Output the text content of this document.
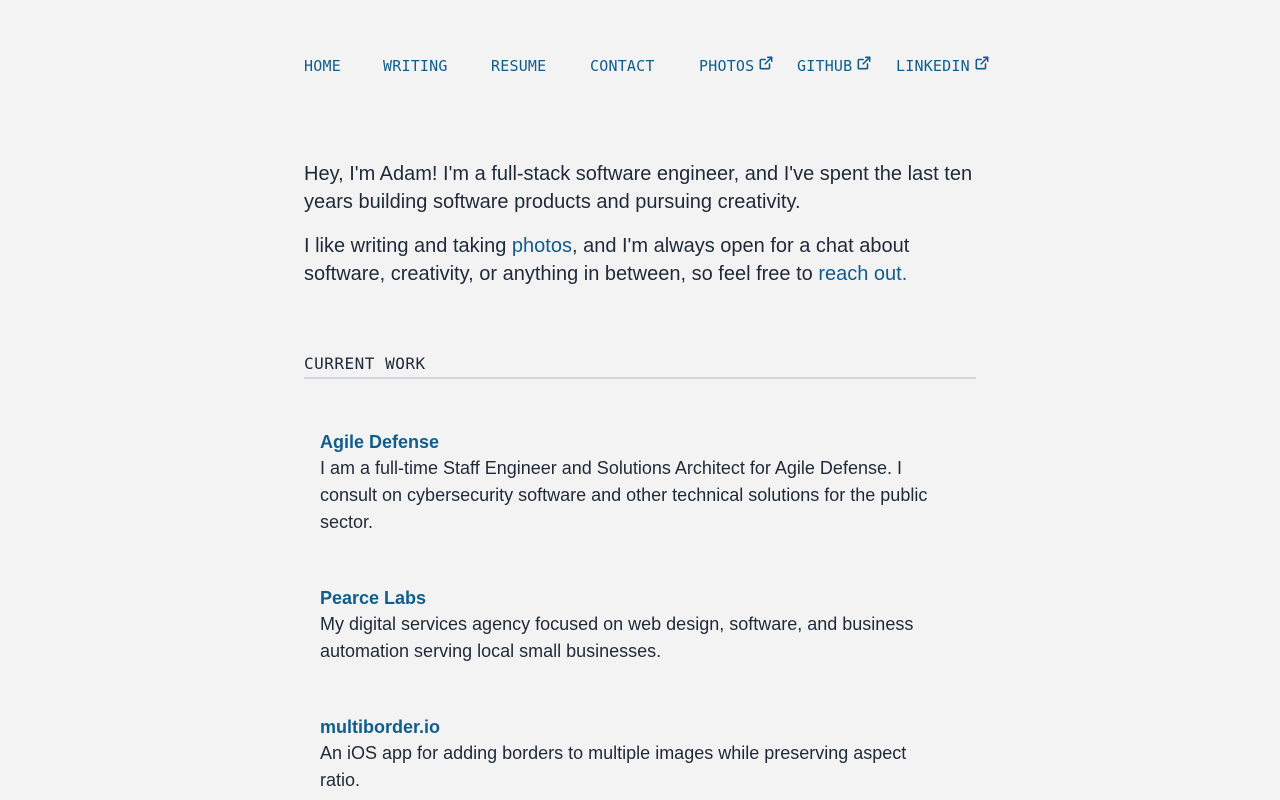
HOME	WRITING	RESUME	CONTACT	PHOTOS	GITHUB	LINKEDIN

Hey, I'm Adam! I'm a full-stack software engineer, and I've spent the last ten years building software products and pursuing creativity.

I like writing and taking photos, and I'm always open for a chat about software, creativity, or anything in between, so feel free to reach out.

CURRENT WORK
Agile Defense

I am a full-time Staff Engineer and Solutions Architect for Agile Defense. I consult on cybersecurity software and other technical solutions for the public sector.

Pearce Labs

My digital services agency focused on web design, software, and business automation serving local small businesses.

multiborder.io

An iOS app for adding borders to multiple images while preserving aspect ratio.
